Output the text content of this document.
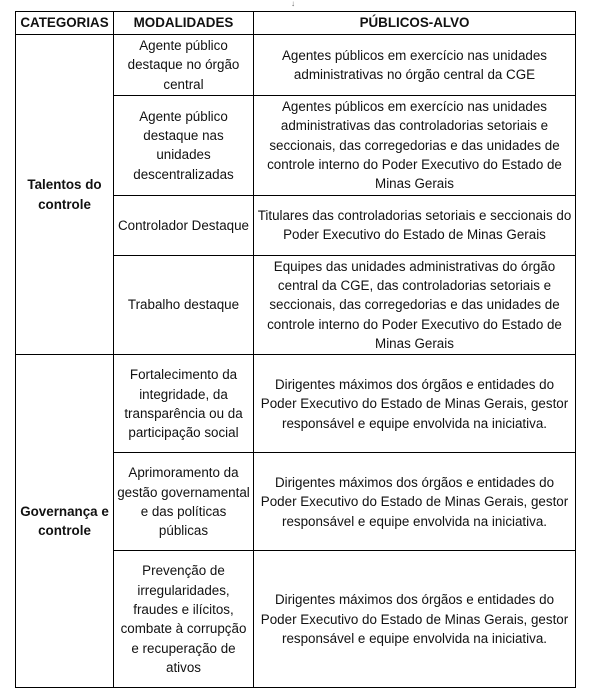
↓
CATEGORIAS	MODALIDADES	PÚBLICOS-ALVO
Talentos do controle	Agente público destaque no órgão central	Agentes públicos em exercício nas unidades administrativas no órgão central da CGE
	Agente público destaque nas unidades descentralizadas	Agentes públicos em exercício nas unidades administrativas das controladorias setoriais e seccionais, das corregedorias e das unidades de controle interno do Poder Executivo do Estado de Minas Gerais
	Controlador Destaque	Titulares das controladorias setoriais e seccionais do Poder Executivo do Estado de Minas Gerais
	Trabalho destaque	Equipes das unidades administrativas do órgão central da CGE, das controladorias setoriais e seccionais, das corregedorias e das unidades de controle interno do Poder Executivo do Estado de Minas Gerais
Governança e controle	Fortalecimento da integridade, da transparência ou da participação social	Dirigentes máximos dos órgãos e entidades do Poder Executivo do Estado de Minas Gerais, gestor responsável e equipe envolvida na iniciativa.
	Aprimoramento da gestão governamental e das políticas públicas	Dirigentes máximos dos órgãos e entidades do Poder Executivo do Estado de Minas Gerais, gestor responsável e equipe envolvida na iniciativa.
	Prevenção de irregularidades, fraudes e ilícitos, combate à corrupção e recuperação de ativos	Dirigentes máximos dos órgãos e entidades do Poder Executivo do Estado de Minas Gerais, gestor responsável e equipe envolvida na iniciativa.
